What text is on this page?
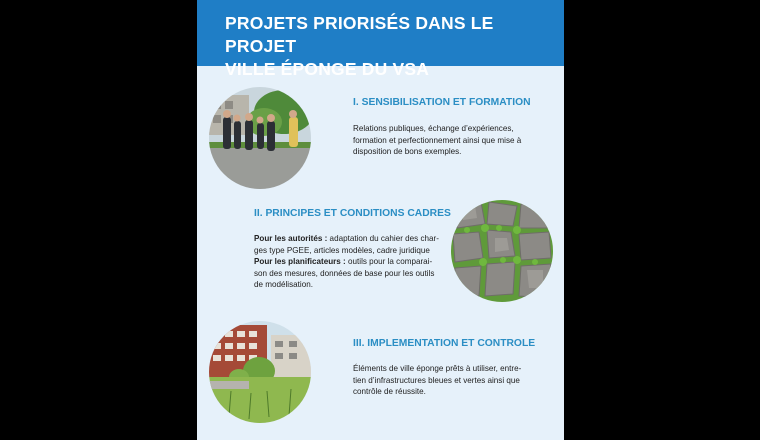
PROJETS PRIORISÉS DANS LE PROJET
VILLE ÉPONGE DU VSA
I. SENSIBILISATION ET FORMATION
Relations publiques, échange d’expériences,
formation et perfectionnement ainsi que mise à
disposition de bons exemples.
II. PRINCIPES ET CONDITIONS CADRES
Pour les autorités : adaptation du cahier des char-
ges type PGEE, articles modèles, cadre juridique
Pour les planificateurs : outils pour la comparai-
son des mesures, données de base pour les outils
de modélisation.
III. IMPLEMENTATION ET CONTROLE
Éléments de ville éponge prêts à utiliser, entre-
tien d’infrastructures bleues et vertes ainsi que
contrôle de réussite.
